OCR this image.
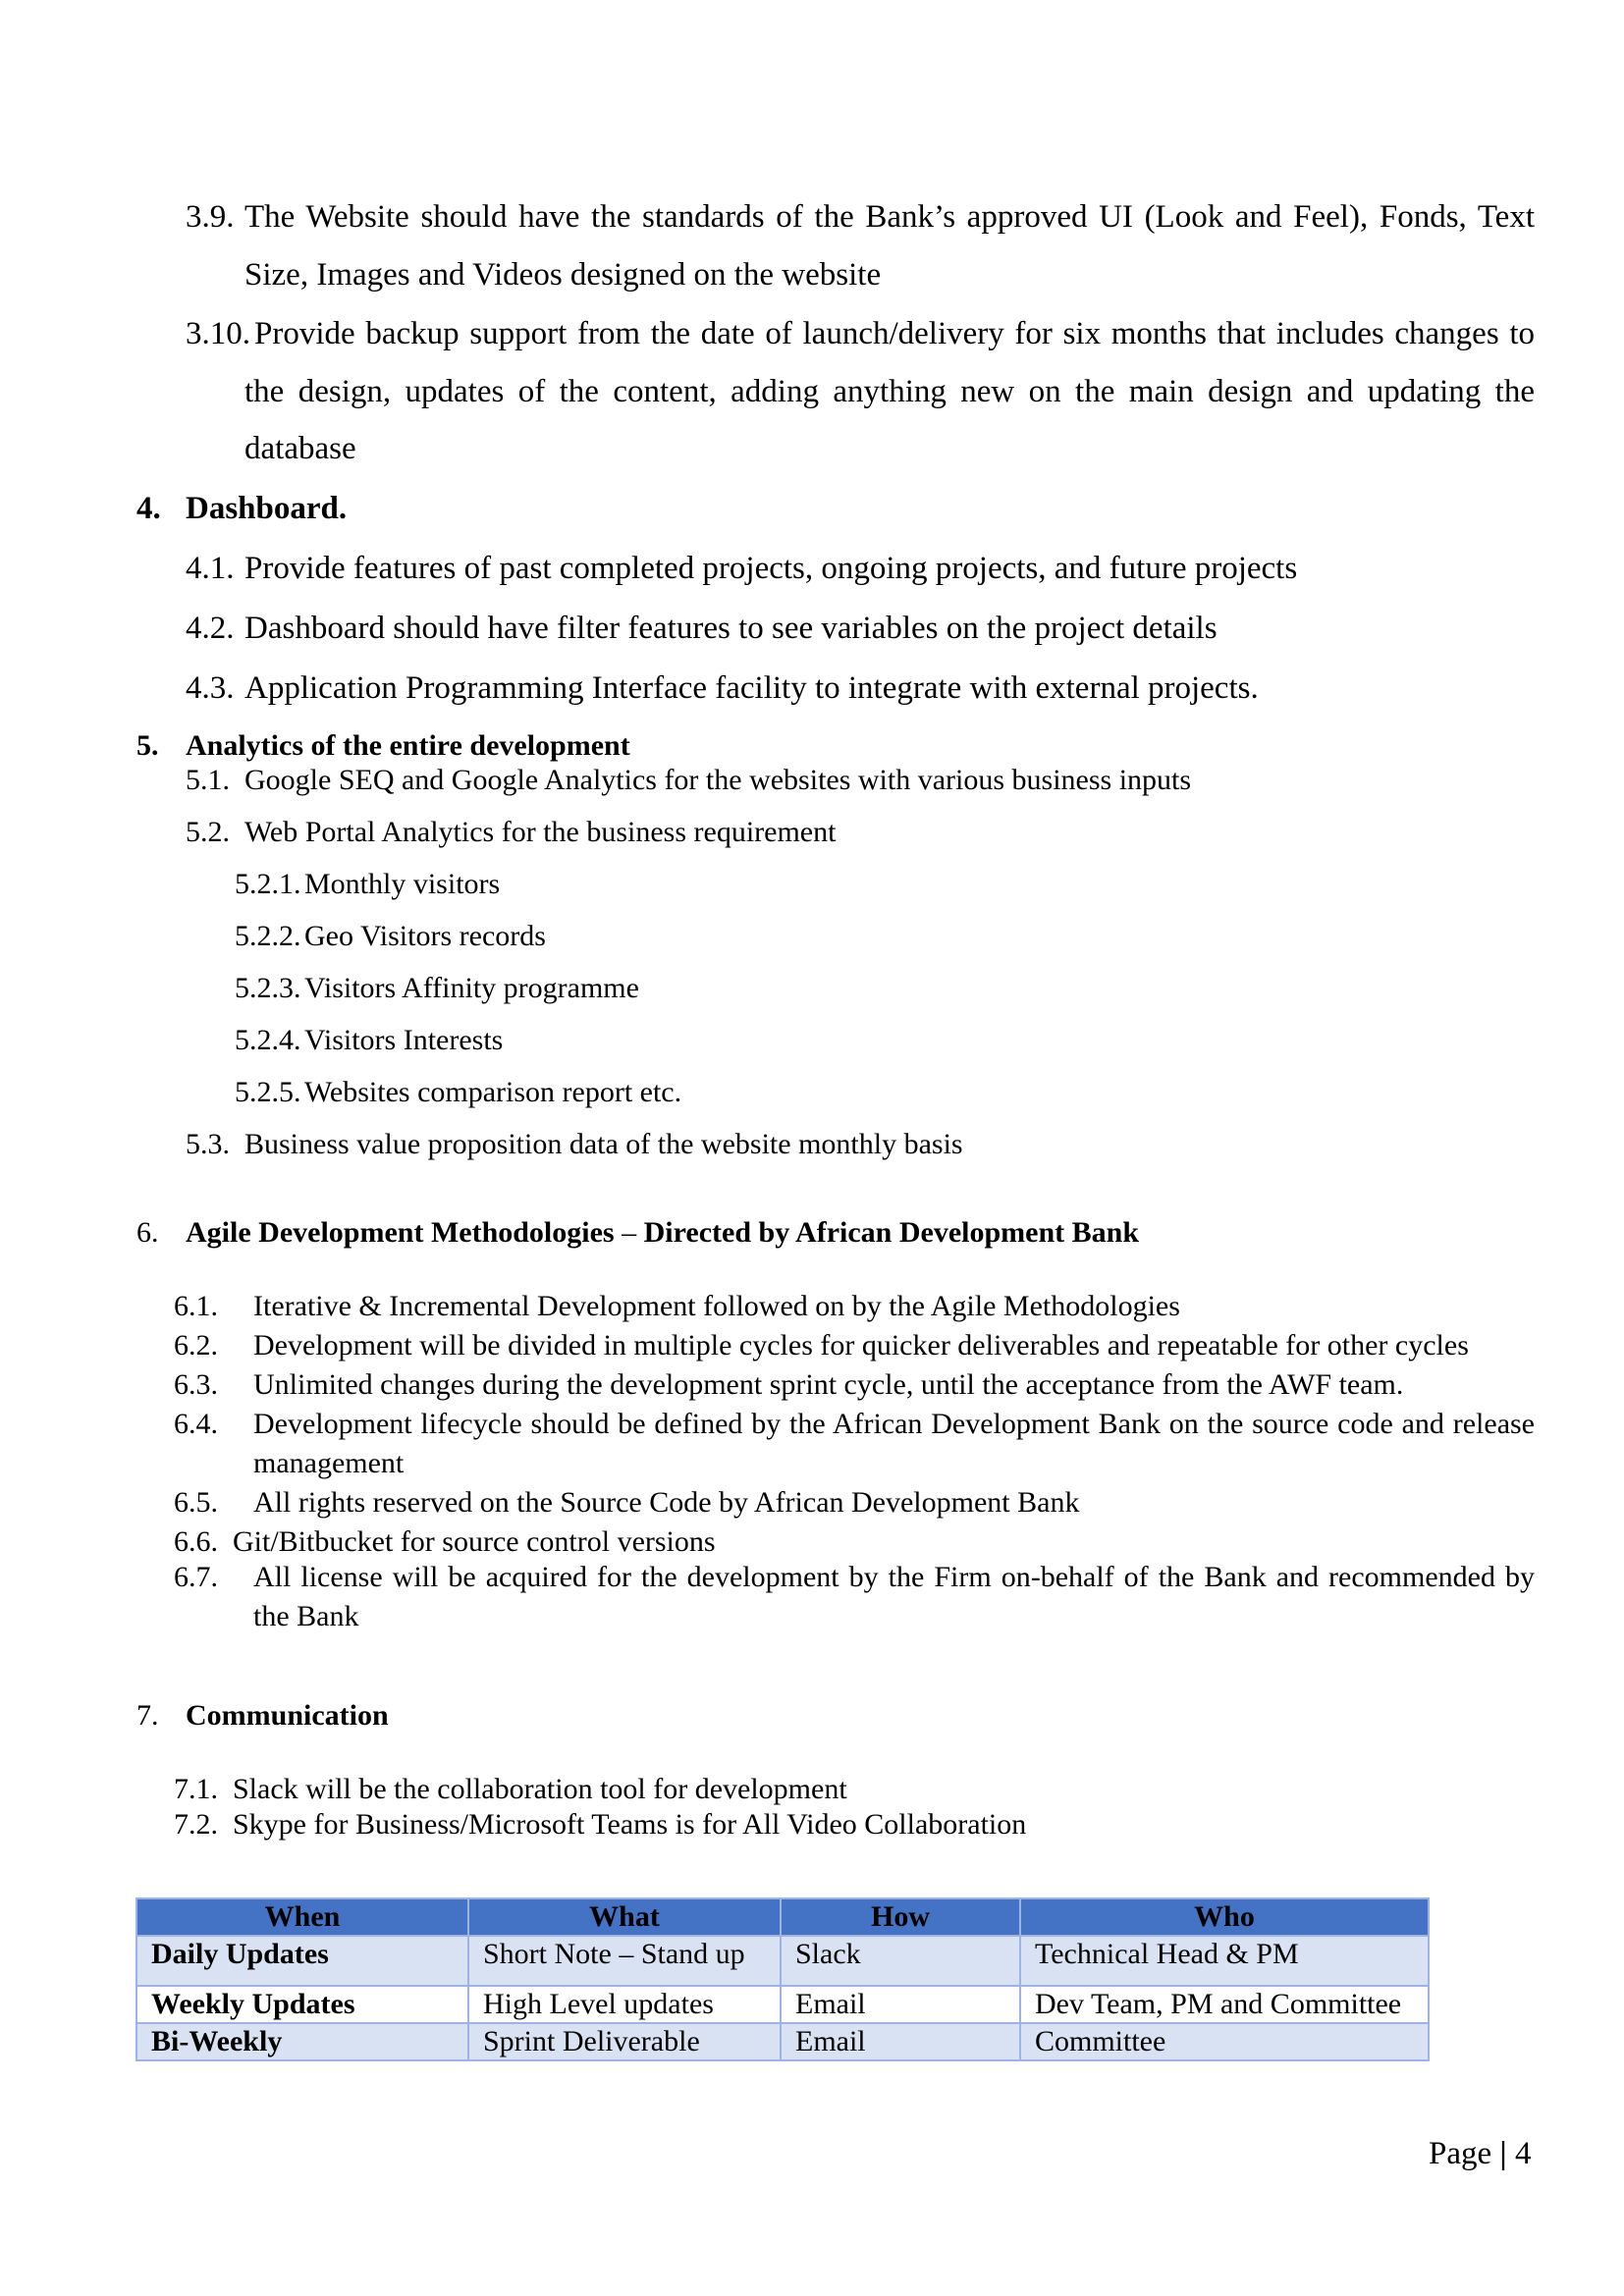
3.9. The Website should have the standards of the Bank’s approved UI (Look and Feel), Fonds, Text
Size, Images and Videos designed on the website
3.10. Provide backup support from the date of launch/delivery for six months that includes changes to
the design, updates of the content, adding anything new on the main design and updating the
database
4. Dashboard.
4.1. Provide features of past completed projects, ongoing projects, and future projects
4.2. Dashboard should have filter features to see variables on the project details
4.3. Application Programming Interface facility to integrate with external projects.
5. Analytics of the entire development
5.1. Google SEQ and Google Analytics for the websites with various business inputs
5.2. Web Portal Analytics for the business requirement
5.2.1. Monthly visitors
5.2.2. Geo Visitors records
5.2.3. Visitors Affinity programme
5.2.4. Visitors Interests
5.2.5. Websites comparison report etc.
5.3. Business value proposition data of the website monthly basis
6. Agile Development Methodologies – Directed by African Development Bank
6.1. Iterative & Incremental Development followed on by the Agile Methodologies
6.2. Development will be divided in multiple cycles for quicker deliverables and repeatable for other cycles
6.3. Unlimited changes during the development sprint cycle, until the acceptance from the AWF team.
6.4. Development lifecycle should be defined by the African Development Bank on the source code and release
management
6.5. All rights reserved on the Source Code by African Development Bank
6.6. Git/Bitbucket for source control versions
6.7. All license will be acquired for the development by the Firm on-behalf of the Bank and recommended by
the Bank
7. Communication
7.1. Slack will be the collaboration tool for development
7.2. Skype for Business/Microsoft Teams is for All Video Collaboration
When	What	How	Who
Daily Updates	Short Note – Stand up	Slack	Technical Head & PM
Weekly Updates	High Level updates	Email	Dev Team, PM and Committee
Bi-Weekly	Sprint Deliverable	Email	Committee
Page | 4
